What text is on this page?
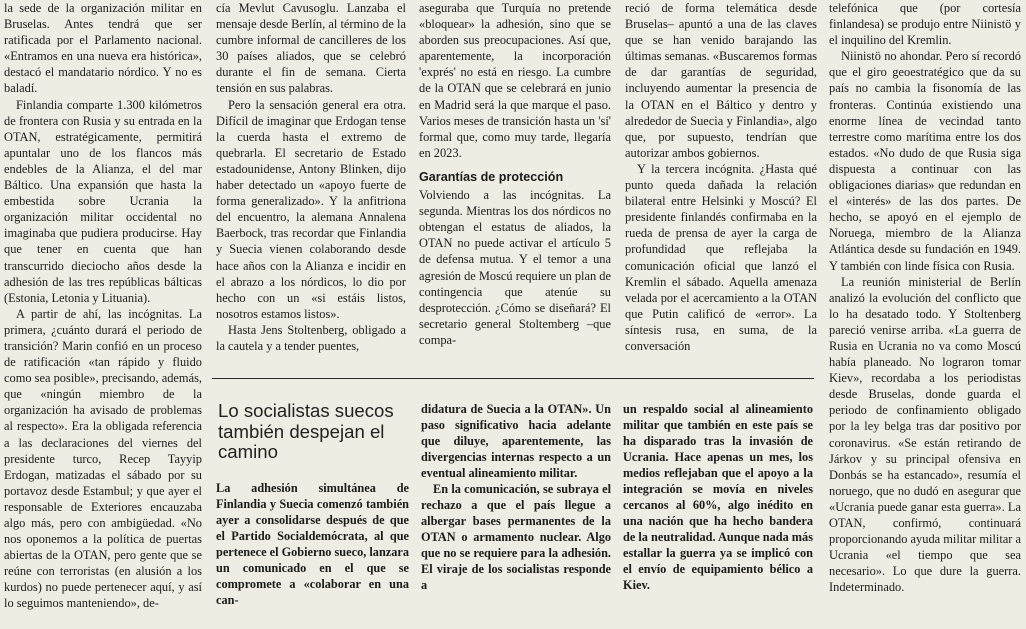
la sede de la organización militar en Bruselas. Antes tendrá que ser ratificada por el Parlamento nacional. «Entramos en una nueva era histórica», destacó el mandatario nórdico. Y no es baladí.

Finlandia comparte 1.300 kilómetros de frontera con Rusia y su entrada en la OTAN, estratégicamente, permitirá apuntalar uno de los flancos más endebles de la Alianza, el del mar Báltico. Una expansión que hasta la embestida sobre Ucrania la organización militar occidental no imaginaba que pudiera producirse. Hay que tener en cuenta que han transcurrido dieciocho años desde la adhesión de las tres repúblicas bálticas (Estonia, Letonia y Lituania).

A partir de ahí, las incógnitas. La primera, ¿cuánto durará el periodo de transición? Marin confió en un proceso de ratificación «tan rápido y fluido como sea posible», precisando, además, que «ningún miembro de la organización ha avisado de problemas al respecto». Era la obligada referencia a las declaraciones del viernes del presidente turco, Recep Tayyip Erdogan, matizadas el sábado por su portavoz desde Estambul; y que ayer el responsable de Exteriores encauzaba algo más, pero con ambigüedad. «No nos oponemos a la política de puertas abiertas de la OTAN, pero gente que se reúne con terroristas (en alusión a los kurdos) no puede pertenecer aquí, y así lo seguimos manteniendo», de-

cía Mevlut Cavusoglu. Lanzaba el mensaje desde Berlín, al término de la cumbre informal de cancilleres de los 30 países aliados, que se celebró durante el fin de semana. Cierta tensión en sus palabras.

Pero la sensación general era otra. Difícil de imaginar que Erdogan tense la cuerda hasta el extremo de quebrarla. El secretario de Estado estadounidense, Antony Blinken, dijo haber detectado un «apoyo fuerte de forma generalizado». Y la anfitriona del encuentro, la alemana Annalena Baerbock, tras recordar que Finlandia y Suecia vienen colaborando desde hace años con la Alianza e incidir en el abrazo a los nórdicos, lo dio por hecho con un «si estáis listos, nosotros estamos listos».

Hasta Jens Stoltenberg, obligado a la cautela y a tender puentes,

aseguraba que Turquía no pretende «bloquear» la adhesión, sino que se aborden sus preocupaciones. Así que, aparentemente, la incorporación 'exprés' no está en riesgo. La cumbre de la OTAN que se celebrará en junio en Madrid será la que marque el paso. Varios meses de transición hasta un 'sí' formal que, como muy tarde, llegaría en 2023.

Garantías de protección

Volviendo a las incógnitas. La segunda. Mientras los dos nórdicos no obtengan el estatus de aliados, la OTAN no puede activar el artículo 5 de defensa mutua. Y el temor a una agresión de Moscú requiere un plan de contingencia que atenúe su desprotección. ¿Cómo se diseñará? El secretario general Stoltemberg –que compa-

reció de forma telemática desde Bruselas– apuntó a una de las claves que se han venido barajando las últimas semanas. «Buscaremos formas de dar garantías de seguridad, incluyendo aumentar la presencia de la OTAN en el Báltico y dentro y alrededor de Suecia y Finlandia», algo que, por supuesto, tendrían que autorizar ambos gobiernos.

Y la tercera incógnita. ¿Hasta qué punto queda dañada la relación bilateral entre Helsinki y Moscú? El presidente finlandés confirmaba en la rueda de prensa de ayer la carga de profundidad que reflejaba la comunicación oficial que lanzó el Kremlin el sábado. Aquella amenaza velada por el acercamiento a la OTAN que Putin calificó de «error». La síntesis rusa, en suma, de la conversación

telefónica que (por cortesía finlandesa) se produjo entre Niinistö y el inquilino del Kremlin.

Niinistö no ahondar. Pero sí recordó que el giro geoestratégico que da su país no cambia la fisonomía de las fronteras. Continúa existiendo una enorme línea de vecindad tanto terrestre como marítima entre los dos estados. «No dudo de que Rusia siga dispuesta a continuar con las obligaciones diarias» que redundan en el «interés» de las dos partes. De hecho, se apoyó en el ejemplo de Noruega, miembro de la Alianza Atlántica desde su fundación en 1949. Y también con linde física con Rusia.

La reunión ministerial de Berlín analizó la evolución del conflicto que lo ha desatado todo. Y Stoltenberg pareció venirse arriba. «La guerra de Rusia en Ucrania no va como Moscú había planeado. No lograron tomar Kiev», recordaba a los periodistas desde Bruselas, donde guarda el periodo de confinamiento obligado por la ley belga tras dar positivo por coronavirus. «Se están retirando de Járkov y su principal ofensiva en Donbás se ha estancado», resumía el noruego, que no dudó en asegurar que «Ucrania puede ganar esta guerra». La OTAN, confirmó, continuará proporcionando ayuda militar militar a Ucrania «el tiempo que sea necesario». Lo que dure la guerra. Indeterminado.

Lo socialistas suecos también despejan el camino

La adhesión simultánea de Finlandia y Suecia comenzó también ayer a consolidarse después de que el Partido Socialdemócrata, al que pertenece el Gobierno sueco, lanzara un comunicado en el que se compromete a «colaborar en una can-

didatura de Suecia a la OTAN». Un paso significativo hacia adelante que diluye, aparentemente, las divergencias internas respecto a un eventual alineamiento militar.

En la comunicación, se subraya el rechazo a que el país llegue a albergar bases permanentes de la OTAN o armamento nuclear. Algo que no se requiere para la adhesión. El viraje de los socialistas responde a

un respaldo social al alineamiento militar que también en este país se ha disparado tras la invasión de Ucrania. Hace apenas un mes, los medios reflejaban que el apoyo a la integración se movía en niveles cercanos al 60%, algo inédito en una nación que ha hecho bandera de la neutralidad. Aunque nada más estallar la guerra ya se implicó con el envío de equipamiento bélico a Kiev.
